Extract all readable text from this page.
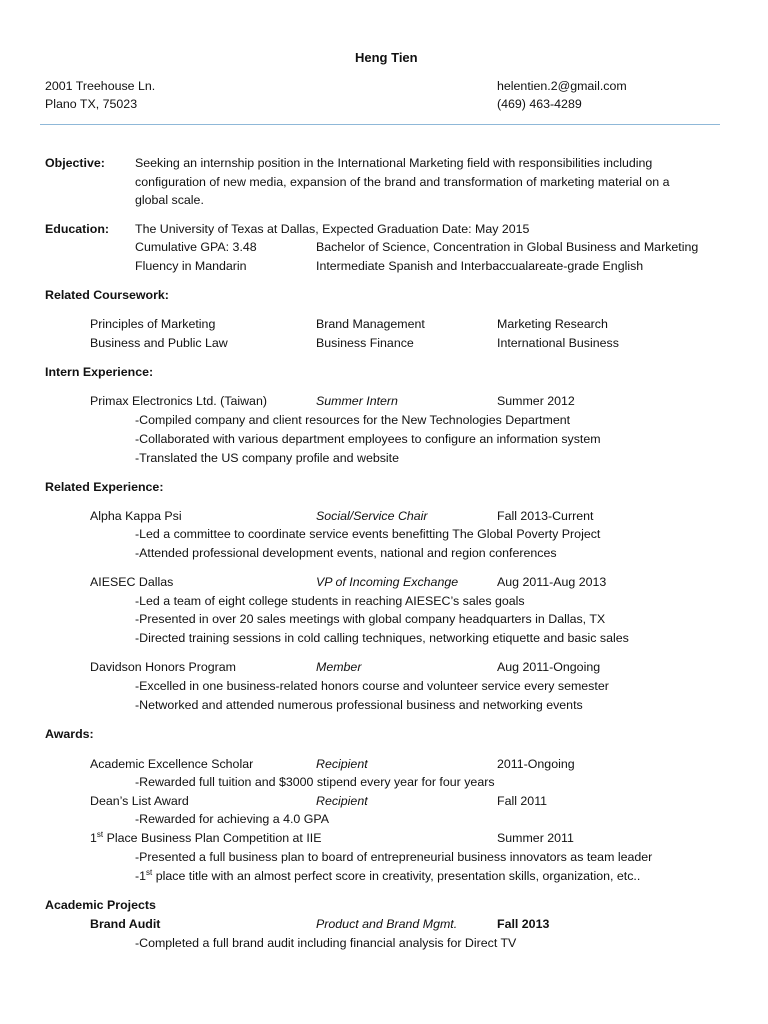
Heng Tien
2001 Treehouse Ln.
Plano TX, 75023
helentien.2@gmail.com
(469) 463-4289
Objective: Seeking an internship position in the International Marketing field with responsibilities including
configuration of new media, expansion of the brand and transformation of marketing material on a
global scale.
Education: The University of Texas at Dallas, Expected Graduation Date: May 2015
Cumulative GPA: 3.48	Bachelor of Science, Concentration in Global Business and Marketing
Fluency in Mandarin	Intermediate Spanish and Interbaccualareate-grade English
Related Coursework:
Principles of Marketing	Brand Management	Marketing Research
Business and Public Law	Business Finance	International Business
Intern Experience:
Primax Electronics Ltd. (Taiwan)	Summer Intern	Summer 2012
-Compiled company and client resources for the New Technologies Department
-Collaborated with various department employees to configure an information system
-Translated the US company profile and website
Related Experience:
Alpha Kappa Psi	Social/Service Chair	Fall 2013-Current
-Led a committee to coordinate service events benefitting The Global Poverty Project
-Attended professional development events, national and region conferences
AIESEC Dallas	VP of Incoming Exchange	Aug 2011-Aug 2013
-Led a team of eight college students in reaching AIESEC’s sales goals
-Presented in over 20 sales meetings with global company headquarters in Dallas, TX
-Directed training sessions in cold calling techniques, networking etiquette and basic sales
Davidson Honors Program	Member	Aug 2011-Ongoing
-Excelled in one business-related honors course and volunteer service every semester
-Networked and attended numerous professional business and networking events
Awards:
Academic Excellence Scholar	Recipient	2011-Ongoing
-Rewarded full tuition and $3000 stipend every year for four years
Dean’s List Award	Recipient	Fall 2011
-Rewarded for achieving a 4.0 GPA
1st Place Business Plan Competition at IIE	Summer 2011
-Presented a full business plan to board of entrepreneurial business innovators as team leader
-1st place title with an almost perfect score in creativity, presentation skills, organization, etc..
Academic Projects
Brand Audit	Product and Brand Mgmt.	Fall 2013
-Completed a full brand audit including financial analysis for Direct TV
